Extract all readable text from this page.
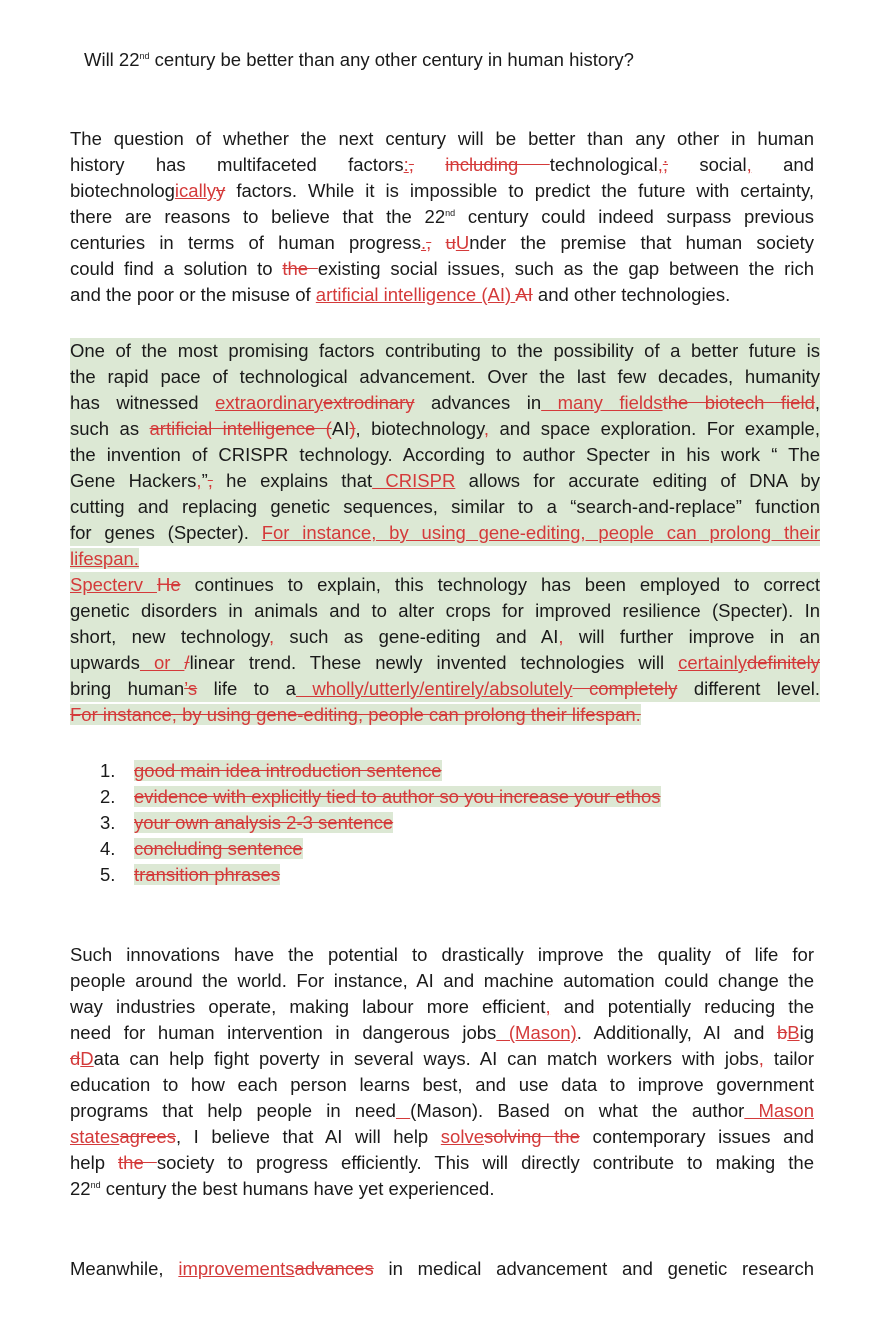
Will 22nd century be better than any other century in human history?
The question of whether the next century will be better than any other in human
history has multifaceted factors:, including technological,; social, and
biotechnologicallyy factors. While it is impossible to predict the future with certainty,
there are reasons to believe that the 22nd century could indeed surpass previous
centuries in terms of human progress., uUnder the premise that human society
could find a solution to the existing social issues, such as the gap between the rich
and the poor or the misuse of artificial intelligence (AI) AI and other technologies.
One of the most promising factors contributing to the possibility of a better future is
the rapid pace of technological advancement. Over the last few decades, humanity
has witnessed extraordinaryextrodinary advances in many fieldsthe biotech field,
such as artificial intelligence (AI), biotechnology, and space exploration. For example,
the invention of CRISPR technology. According to author Specter in his work “ The
Gene Hackers,”, he explains that CRISPR allows for accurate editing of DNA by
cutting and replacing genetic sequences, similar to a “search-and-replace” function
for genes (Specter). For instance, by using gene-editing, people can prolong their
lifespan.
Specterv He continues to explain, this technology has been employed to correct
genetic disorders in animals and to alter crops for improved resilience (Specter). In
short, new technology, such as gene-editing and AI, will further improve in an
upwards or /linear trend. These newly invented technologies will certainlydefinitely
bring human’s life to a wholly/utterly/entirely/absolutely completely different level.
For instance, by using gene-editing, people can prolong their lifespan.
1. good main idea introduction sentence
2. evidence with explicitly tied to author so you increase your ethos
3. your own analysis 2-3 sentence
4. concluding sentence
5. transition phrases
Such innovations have the potential to drastically improve the quality of life for
people around the world. For instance, AI and machine automation could change the
way industries operate, making labour more efficient, and potentially reducing the
need for human intervention in dangerous jobs (Mason). Additionally, AI and bBig
dData can help fight poverty in several ways. AI can match workers with jobs, tailor
education to how each person learns best, and use data to improve government
programs that help people in need (Mason). Based on what the author Mason
statesagrees, I believe that AI will help solvesolving the contemporary issues and
help the society to progress efficiently. This will directly contribute to making the
22nd century the best humans have yet experienced.
Meanwhile, improvementsadvances in medical advancement and genetic research
